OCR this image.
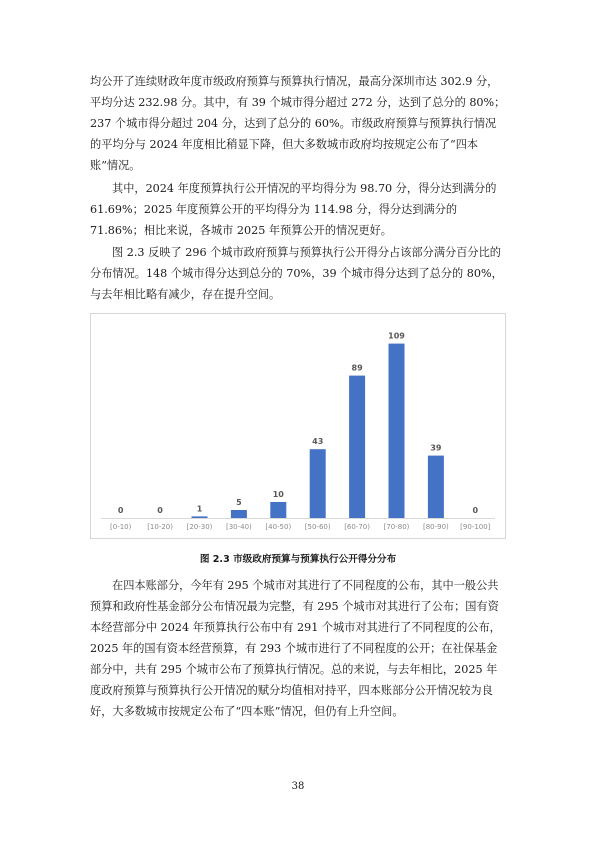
均公开了连续财政年度市级政府预算与预算执行情况，最高分深圳市达 302.9 分，平均分达 232.98 分。其中，有 39 个城市得分超过 272 分，达到了总分的 80%；237 个城市得分超过 204 分，达到了总分的 60%。市级政府预算与预算执行情况的平均分与 2024 年度相比稍显下降，但大多数城市政府均按规定公布了“四本账”情况。

其中，2024 年度预算执行公开情况的平均得分为 98.70 分，得分达到满分的 61.69%；2025 年度预算公开的平均得分为 114.98 分，得分达到满分的 71.86%；相比来说，各城市 2025 年预算公开的情况更好。

图 2.3 反映了 296 个城市政府预算与预算执行公开得分占该部分满分百分比的分布情况。148 个城市得分达到总分的 70%，39 个城市得分达到了总分的 80%，与去年相比略有减少，存在提升空间。

0
[0-10)
0
[10-20)
1
[20-30)
5
[30-40)
10
[40-50)
43
[50-60)
89
[60-70)
109
[70-80)
39
[80-90)
0
[90-100]
图 2.3 市级政府预算与预算执行公开得分分布

在四本账部分，今年有 295 个城市对其进行了不同程度的公布，其中一般公共预算和政府性基金部分公布情况最为完整，有 295 个城市对其进行了公布；国有资本经营部分中 2024 年预算执行公布中有 291 个城市对其进行了不同程度的公布，2025 年的国有资本经营预算，有 293 个城市进行了不同程度的公开；在社保基金部分中，共有 295 个城市公布了预算执行情况。总的来说，与去年相比，2025 年度政府预算与预算执行公开情况的赋分均值相对持平，四本账部分公开情况较为良好，大多数城市按规定公布了“四本账”情况，但仍有上升空间。

38
